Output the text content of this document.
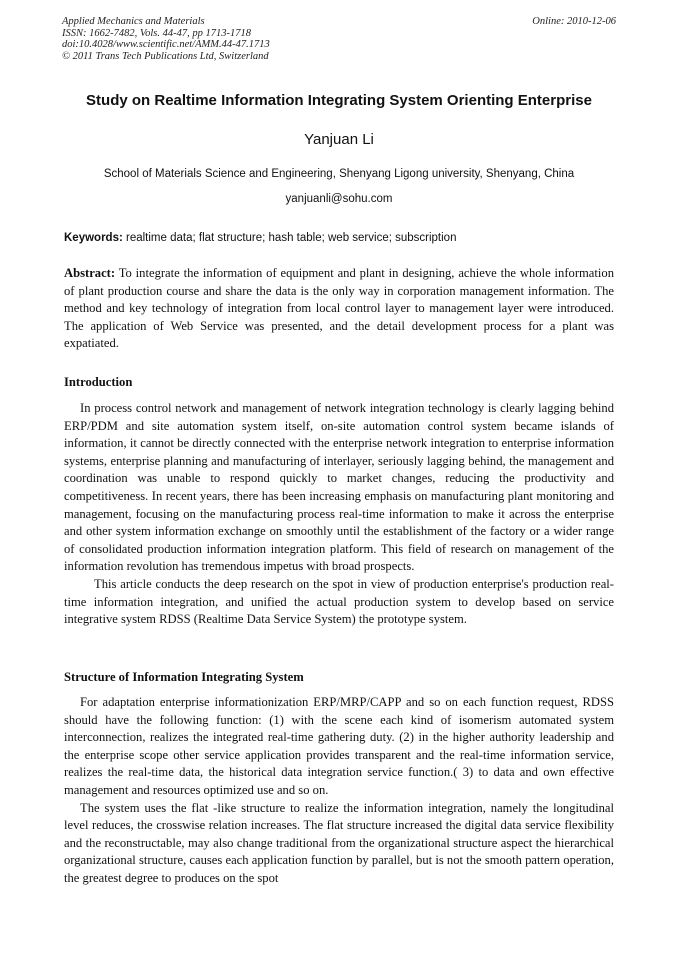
Applied Mechanics and Materials
ISSN: 1662-7482, Vols. 44-47, pp 1713-1718
doi:10.4028/www.scientific.net/AMM.44-47.1713
© 2011 Trans Tech Publications Ltd, Switzerland
Online: 2010-12-06
Study on Realtime Information Integrating System Orienting Enterprise
Yanjuan Li
School of Materials Science and Engineering, Shenyang Ligong university, Shenyang, China
yanjuanli@sohu.com
Keywords: realtime data; flat structure; hash table; web service; subscription
Abstract: To integrate the information of equipment and plant in designing, achieve the whole information of plant production course and share the data is the only way in corporation management information. The method and key technology of integration from local control layer to management layer were introduced. The application of Web Service was presented, and the detail development process for a plant was expatiated.
Introduction

In process control network and management of network integration technology is clearly lagging behind ERP/PDM and site automation system itself, on-site automation control system became islands of information, it cannot be directly connected with the enterprise network integration to enterprise information systems, enterprise planning and manufacturing of interlayer, seriously lagging behind, the management and coordination was unable to respond quickly to market changes, reducing the productivity and competitiveness. In recent years, there has been increasing emphasis on manufacturing plant monitoring and management, focusing on the manufacturing process real-time information to make it across the enterprise and other system information exchange on smoothly until the establishment of the factory or a wider range of consolidated production information integration platform. This field of research on management of the information revolution has tremendous impetus with broad prospects.

This article conducts the deep research on the spot in view of production enterprise's production real-time information integration, and unified the actual production system to develop based on service integrative system RDSS (Realtime Data Service System) the prototype system.

Structure of Information Integrating System

For adaptation enterprise informationization ERP/MRP/CAPP and so on each function request, RDSS should have the following function: (1) with the scene each kind of isomerism automated system interconnection, realizes the integrated real-time gathering duty. (2) in the higher authority leadership and the enterprise scope other service application provides transparent and the real-time information service, realizes the real-time data, the historical data integration service function.( 3) to data and own effective management and resources optimized use and so on.

The system uses the flat -like structure to realize the information integration, namely the longitudinal level reduces, the crosswise relation increases. The flat structure increased the digital data service flexibility and the reconstructable, may also change traditional from the organizational structure aspect the hierarchical organizational structure, causes each application function by parallel, but is not the smooth pattern operation, the greatest degree to produces on the spot
